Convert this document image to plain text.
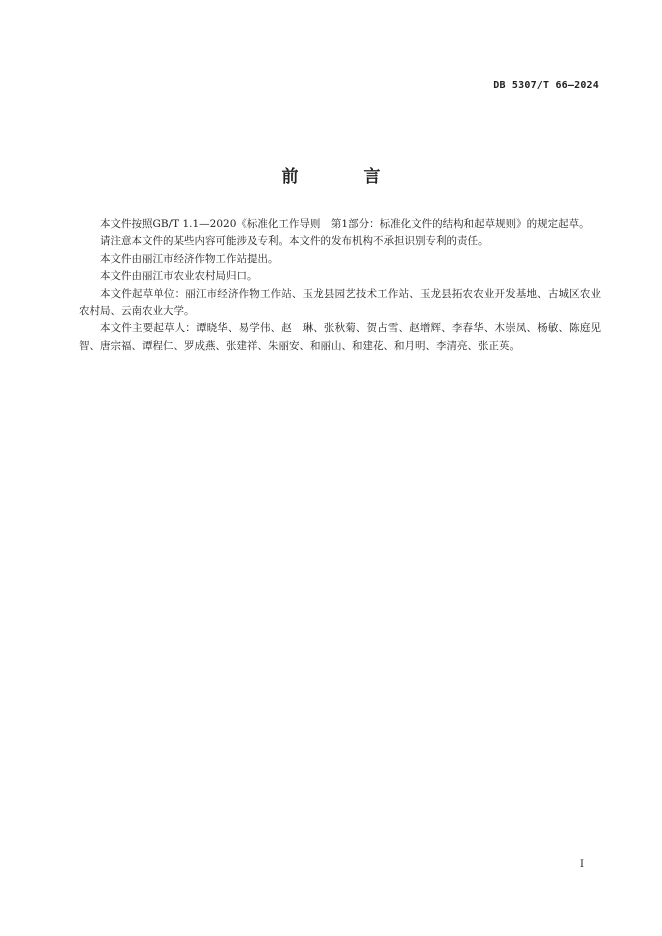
DB 5307/T 66—2024
前　言

本文件按照GB/T 1.1—2020《标准化工作导则　第1部分：标准化文件的结构和起草规则》的规定起草。

请注意本文件的某些内容可能涉及专利。本文件的发布机构不承担识别专利的责任。

本文件由丽江市经济作物工作站提出。

本文件由丽江市农业农村局归口。

本文件起草单位：丽江市经济作物工作站、玉龙县园艺技术工作站、玉龙县拓农农业开发基地、古城区农业农村局、云南农业大学。

本文件主要起草人：谭晓华、易学伟、赵　琳、张秋菊、贺占雪、赵增辉、李春华、木崇凤、杨敏、陈庭见智、唐宗福、谭程仁、罗成燕、张建祥、朱丽安、和丽山、和建花、和月明、李清亮、张正英。

I
